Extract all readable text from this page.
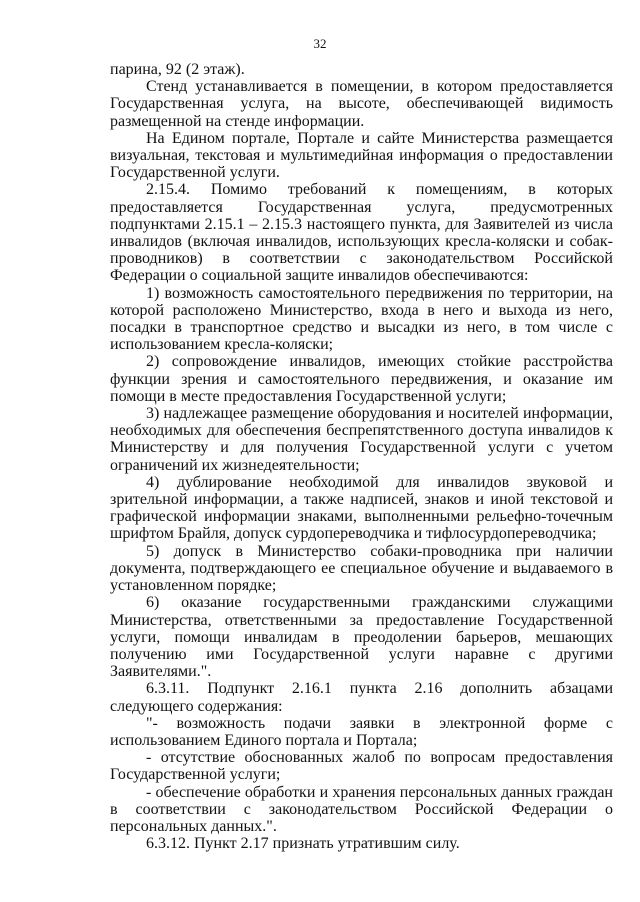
32

парина, 92 (2 этаж).

Стенд устанавливается в помещении, в котором предоставляется Государственная услуга, на высоте, обеспечивающей видимость размещенной на стенде информации.

На Едином портале, Портале и сайте Министерства размещается визуальная, текстовая и мультимедийная информация о предоставлении Государственной услуги.

2.15.4. Помимо требований к помещениям, в которых предоставляется Государственная услуга, предусмотренных подпунктами 2.15.1 – 2.15.3 настоящего пункта, для Заявителей из числа инвалидов (включая инвалидов, использующих кресла-коляски и собак-проводников) в соответствии с законодательством Российской Федерации о социальной защите инвалидов обеспечиваются:

1) возможность самостоятельного передвижения по территории, на которой расположено Министерство, входа в него и выхода из него, посадки в транспортное средство и высадки из него, в том числе с использованием кресла-коляски;

2) сопровождение инвалидов, имеющих стойкие расстройства функции зрения и самостоятельного передвижения, и оказание им помощи в месте предоставления Государственной услуги;

3) надлежащее размещение оборудования и носителей информации, необходимых для обеспечения беспрепятственного доступа инвалидов к Министерству и для получения Государственной услуги с учетом ограничений их жизнедеятельности;

4) дублирование необходимой для инвалидов звуковой и зрительной информации, а также надписей, знаков и иной текстовой и графической информации знаками, выполненными рельефно-точечным шрифтом Брайля, допуск сурдопереводчика и тифлосурдопереводчика;

5) допуск в Министерство собаки-проводника при наличии документа, подтверждающего ее специальное обучение и выдаваемого в установленном порядке;

6) оказание государственными гражданскими служащими Министерства, ответственными за предоставление Государственной услуги, помощи инвалидам в преодолении барьеров, мешающих получению ими Государственной услуги наравне с другими Заявителями.".

6.3.11. Подпункт 2.16.1 пункта 2.16 дополнить абзацами следующего содержания:

"- возможность подачи заявки в электронной форме с использованием Единого портала и Портала;

- отсутствие обоснованных жалоб по вопросам предоставления Государственной услуги;

- обеспечение обработки и хранения персональных данных граждан в соответствии с законодательством Российской Федерации о персональных данных.".

6.3.12. Пункт 2.17 признать утратившим силу.
